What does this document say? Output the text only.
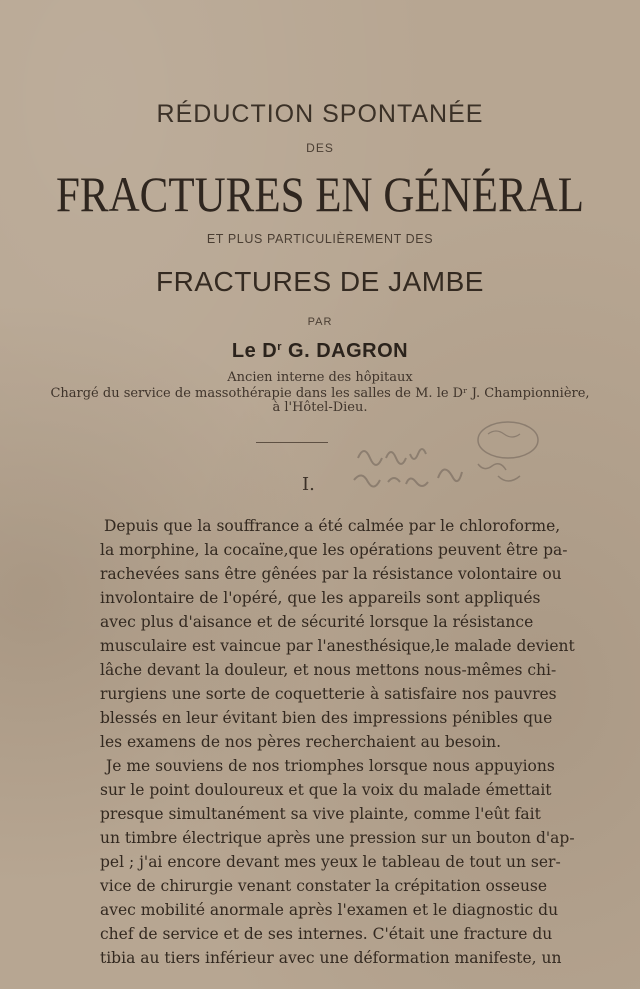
RÉDUCTION SPONTANÉE
DES
FRACTURES EN GÉNÉRAL
ET PLUS PARTICULIÈREMENT DES
FRACTURES DE JAMBE
PAR
Le $D^r$ G. DAGRON
Ancien interne des hôpitaux
Chargé du service de massothérapie dans les salles de M. le Dʳ J. Championnière,
à l'Hôtel-Dieu.
I.
Depuis que la souffrance a été calmée par le chloroforme,
la morphine, la cocaïne,que les opérations peuvent être pa-
rachevées sans être gênées par la résistance volontaire ou
involontaire de l'opéré, que les appareils sont appliqués
avec plus d'aisance et de sécurité lorsque la résistance
musculaire est vaincue par l'anesthésique,le malade devient
lâche devant la douleur, et nous mettons nous-mêmes chi-
rurgiens une sorte de coquetterie à satisfaire nos pauvres
blessés en leur évitant bien des impressions pénibles que
les examens de nos pères recherchaient au besoin.
Je me souviens de nos triomphes lorsque nous appuyions
sur le point douloureux et que la voix du malade émettait
presque simultanément sa vive plainte, comme l'eût fait
un timbre électrique après une pression sur un bouton d'ap-
pel ; j'ai encore devant mes yeux le tableau de tout un ser-
vice de chirurgie venant constater la crépitation osseuse
avec mobilité anormale après l'examen et le diagnostic du
chef de service et de ses internes. C'était une fracture du
tibia au tiers inférieur avec une déformation manifeste, un
